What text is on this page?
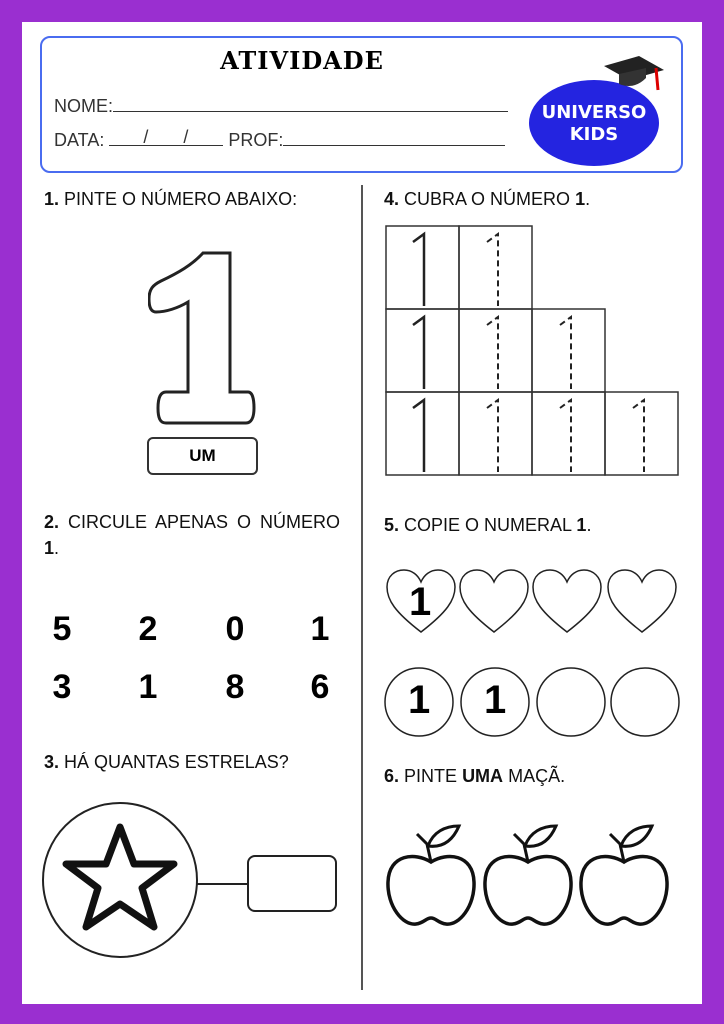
ATIVIDADE
NOME:
DATA: / / PROF:
UNIVERSO
KIDS
1. PINTE O NÚMERO ABAIXO:
UM
2. CIRCULE APENAS O NÚMERO 1.
5	2	0	1
3	1	8	6
3. HÁ QUANTAS ESTRELAS?
4. CUBRA O NÚMERO 1.
5. COPIE O NUMERAL 1.
1
1 1
6. PINTE UMA MAÇÃ.
